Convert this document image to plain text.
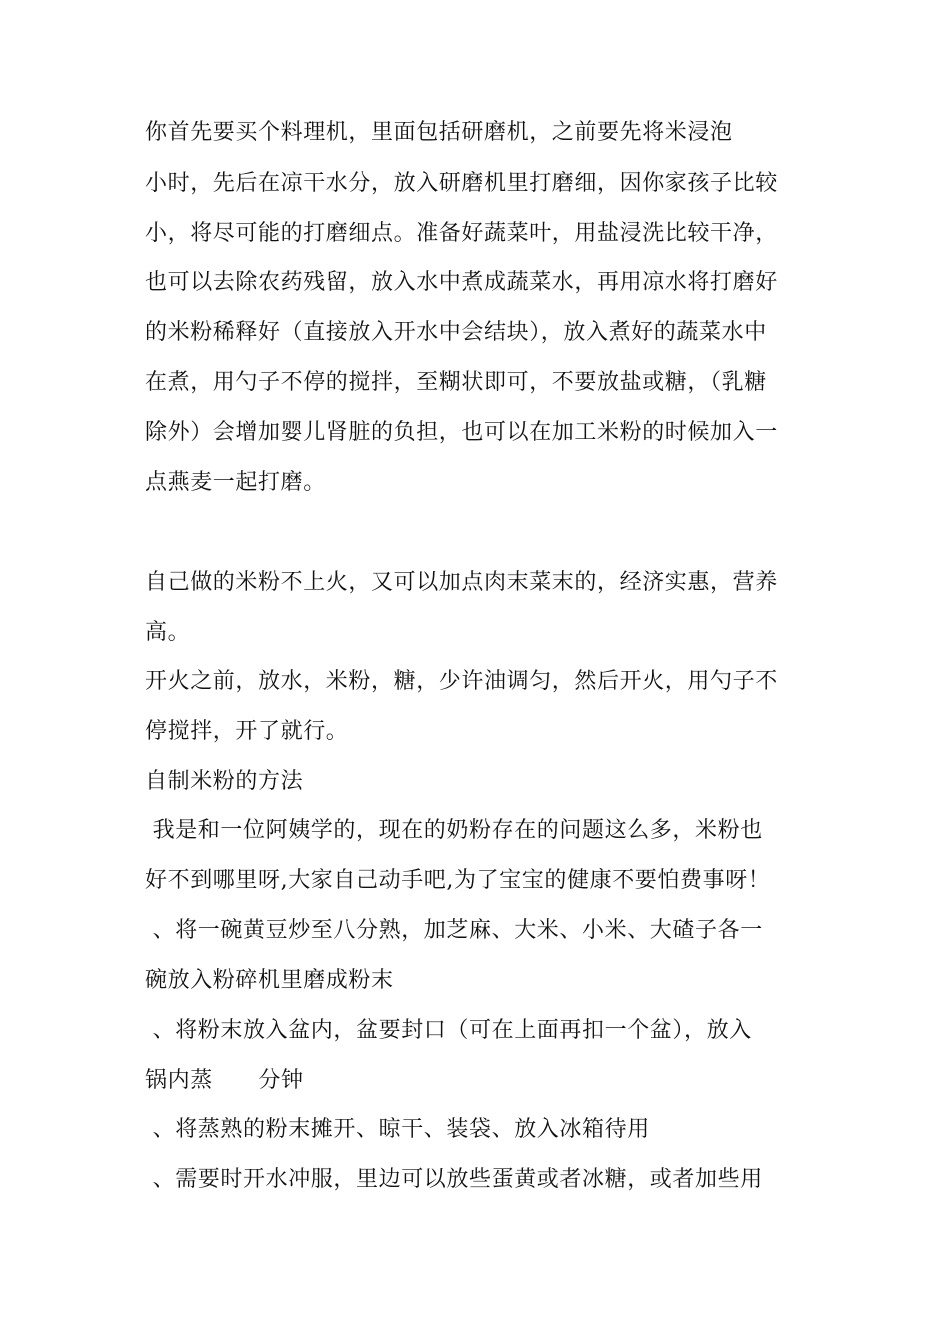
你首先要买个料理机，里面包括研磨机，之前要先将米浸泡
小时，先后在凉干水分，放入研磨机里打磨细，因你家孩子比较
小，将尽可能的打磨细点。准备好蔬菜叶，用盐浸洗比较干净，
也可以去除农药残留，放入水中煮成蔬菜水，再用凉水将打磨好
的米粉稀释好（直接放入开水中会结块），放入煮好的蔬菜水中
在煮，用勺子不停的搅拌，至糊状即可，不要放盐或糖，（乳糖
除外）会增加婴儿肾脏的负担，也可以在加工米粉的时候加入一
点燕麦一起打磨。
自己做的米粉不上火，又可以加点肉末菜末的，经济实惠，营养
高。
开火之前，放水，米粉，糖，少许油调匀，然后开火，用勺子不
停搅拌，开了就行。
自制米粉的方法
我是和一位阿姨学的，现在的奶粉存在的问题这么多，米粉也
好不到哪里呀,大家自己动手吧,为了宝宝的健康不要怕费事呀！
、将一碗黄豆炒至八分熟，加芝麻、大米、小米、大碴子各一
碗放入粉碎机里磨成粉末
、将粉末放入盆内，盆要封口（可在上面再扣一个盆），放入
锅内蒸      分钟
、将蒸熟的粉末摊开、晾干、装袋、放入冰箱待用
、需要时开水冲服，里边可以放些蛋黄或者冰糖，或者加些用
